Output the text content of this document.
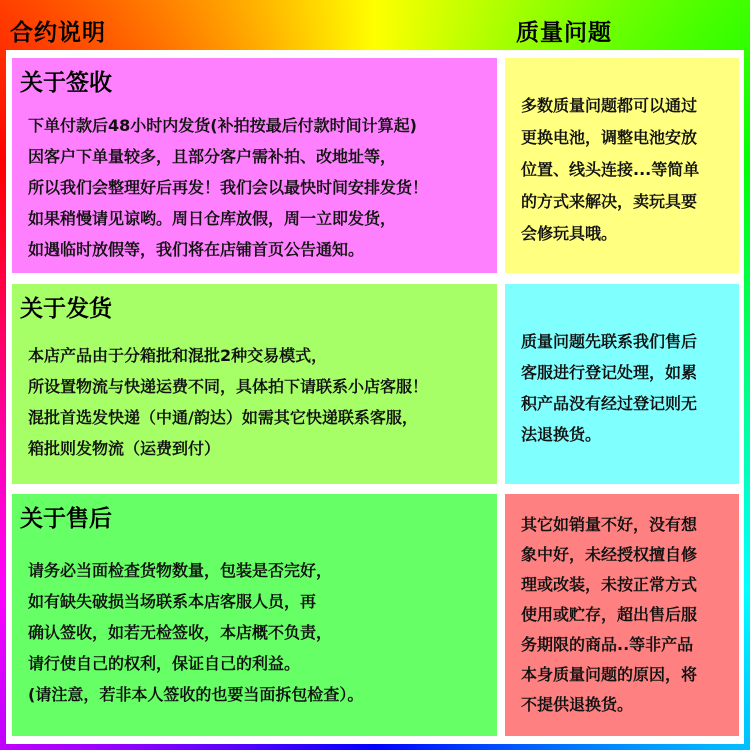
合约说明	质量问题
关于签收
下单付款后48小时内发货(补拍按最后付款时间计算起)
因客户下单量较多，且部分客户需补拍、改地址等，
所以我们会整理好后再发！我们会以最快时间安排发货！
如果稍慢请见谅哟。周日仓库放假，周一立即发货，
如遇临时放假等，我们将在店铺首页公告通知。
关于发货
本店产品由于分箱批和混批2种交易模式，
所设置物流与快递运费不同，具体拍下请联系小店客服！
混批首选发快递（中通/韵达）如需其它快递联系客服，
箱批则发物流（运费到付）
关于售后
请务必当面检查货物数量，包装是否完好，
如有缺失破损当场联系本店客服人员，再
确认签收，如若无检签收，本店概不负责，
请行使自己的权利，保证自己的利益。
(请注意，若非本人签收的也要当面拆包检查）。
多数质量问题都可以通过
更换电池，调整电池安放
位置、线头连接...等简单
的方式来解决，卖玩具要
会修玩具哦。
质量问题先联系我们售后
客服进行登记处理，如累
积产品没有经过登记则无
法退换货。
其它如销量不好，没有想
象中好，未经授权擅自修
理或改装，未按正常方式
使用或贮存，超出售后服
务期限的商品..等非产品
本身质量问题的原因，将
不提供退换货。
